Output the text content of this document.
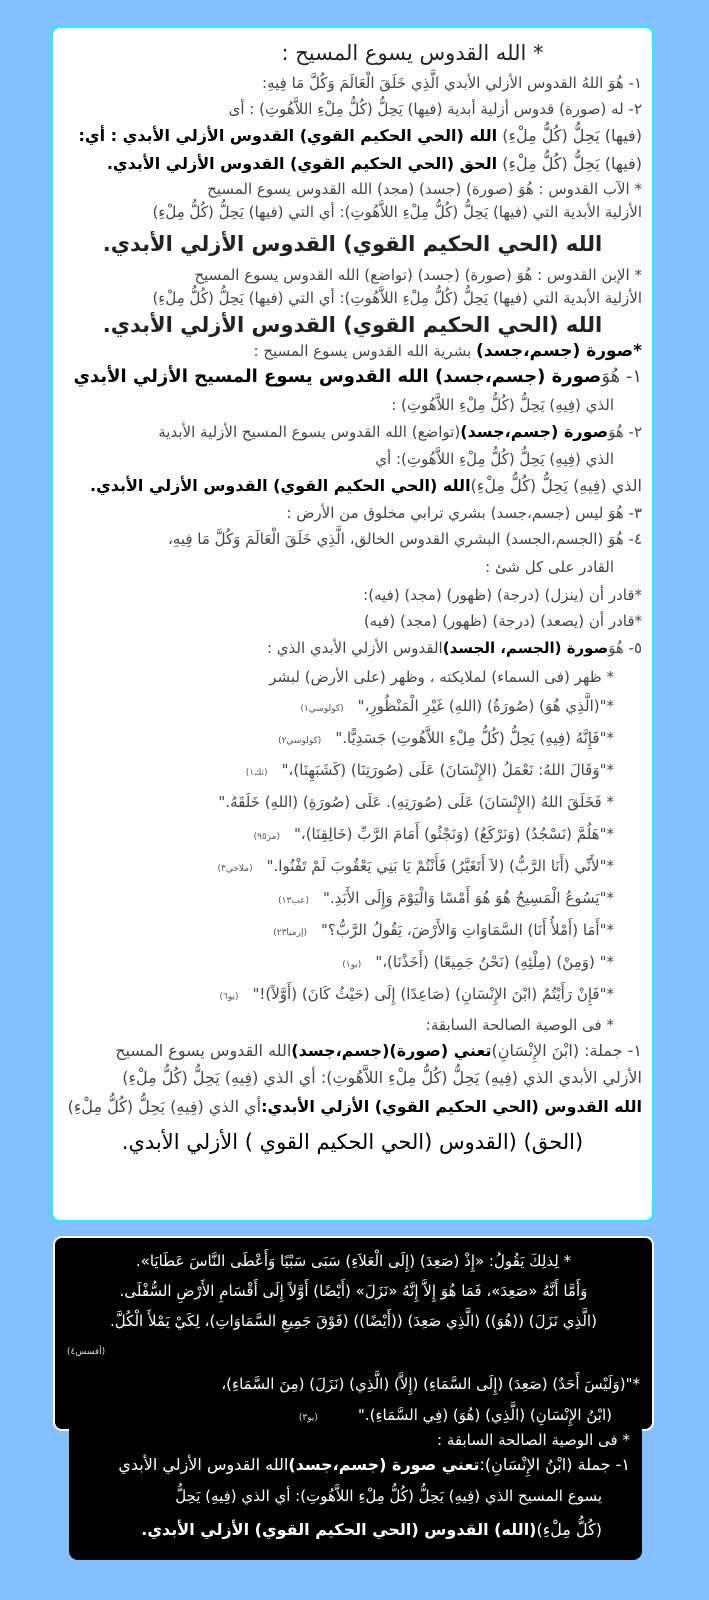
* الله القدوس يسوع المسيح :

١- هُوَ اللهُ القدوس الأزلي الأبدي الَّذِي خَلَقَ الْعَالَمَ وَكُلَّ مَا فِيهِ:

٢- له (صورة) قدوس أزلية أبدية (فيها) يَحِلُّ (كُلُّ مِلْءِ اللاَّهُوتِ) : أى

(فيها) يَحِلُّ (كُلُّ مِلْءِ) الله (الحي الحكيم القوي) القدوس الأزلي الأبدي : أي:

(فيها) يَحِلُّ (كُلُّ مِلْءِ) الحق (الحي الحكيم القوي) القدوس الأزلي الأبدي.

* الآب القدوس : هُوَ (صورة) (جسد) (مجد) الله القدوس يسوع المسيح

الأزلية الأبدية التي (فيها) يَحِلُّ (كُلُّ مِلْءِ اللاَّهُوتِ): أي التي (فيها) يَحِلُّ (كُلُّ مِلْءِ)

الله (الحي الحكيم القوي) القدوس الأزلي الأبدي.

* الإبن القدوس : هُوَ (صورة) (جسد) (تواضع) الله القدوس يسوع المسيح

الأزلية الأبدية التي (فيها) يَحِلُّ (كُلُّ مِلْءِ اللاَّهُوتِ): أي التي (فيها) يَحِلُّ (كُلُّ مِلْءِ)

الله (الحي الحكيم القوي) القدوس الأزلي الأبدي.

*صورة (جسم،جسد) بشرية الله القدوس يسوع المسيح :

١- هُوَصورة (جسم،جسد) الله القدوس يسوع المسيح الأزلي الأبدي

الذي (فِيهِ) يَحِلُّ (كُلُّ مِلْءِ اللاَّهُوتِ) :

٢- هُوَصورة (جسم،جسد)(تواضع) الله القدوس يسوع المسيح الأزلية الأبدية

الذي (فِيهِ) يَحِلُّ (كُلُّ مِلْءِ اللاَّهُوتِ): أي

الذي (فِيهِ) يَحِلُّ (كُلُّ مِلْءِ)الله (الحي الحكيم القوي) القدوس الأزلي الأبدي.

٣- هُوَ ليس (جسم،جسد) بشري ترابي مخلوق من الأرض :

٤- هُوَ (الجسم،الجسد) البشري القدوس الخالق، الَّذِي خَلَقَ الْعَالَمَ وَكُلَّ مَا فِيهِ،

القادر على كل شئ :

*قادر أن (ينزل) (درجة) (ظهور) (مجد) (فيه):

*قادر أن (يصعد) (درجة) (ظهور) (مجد) (فيه)

٥- هُوَصورة (الجسم، الجسد)القدوس الأزلي الأبدي الذي :

* ظهر (فى السماء) لملايكته ، وظهر (على الأرض) لبشر

*"(الَّذِي هُوَ) (صُورَةُ) (اللهِ) غَيْرِ الْمَنْظُورِ،"(كولوسي١)

*"فَإِنَّهُ (فِيهِ) يَحِلُّ (كُلُّ مِلْءِ اللاَّهُوتِ) جَسَدِيًّا."(كولوسي٢)

*"وَقَالَ اللهُ: نَعْمَلُ (الإِنْسَانَ) عَلَى (صُورَتِنَا) (كَشَبَهِنَا)،"(تك١)

* فَخَلَقَ اللهُ (الإِنْسَانَ) عَلَى (صُورَتِهِ). عَلَى (صُورَةِ) (اللهِ) خَلَقَهُ."

*"هَلُمَّ (نَسْجُدُ) (وَنَرْكَعُ) (وَنَجْثُو) أَمَامَ الرَّبِّ (خَالِقِنَا)،"(مز٩٥)

*"لأَنِّي (أَنَا الرَّبُّ) (لاَ أَتَغَيَّرُ) فَأَنْتُمْ يَا بَنِي يَعْقُوبَ لَمْ تَفْنُوا."(ملاخي٣)

*"يَسُوعُ الْمَسِيحُ هُوَ هُوَ أَمْسًا وَالْيَوْمَ وَإِلَى الأَبَدِ."(عب١٣)

*"أَمَا (أَمْلأُ أَنَا) السَّمَاوَاتِ وَالأَرْضَ، يَقُولُ الرَّبُّ؟"(إرميا٢٣)

*" (وَمِنْ) (مِلْئِهِ) (نَحْنُ جَمِيعًا) (أَخَذْنَا)،"(يو١)

*"فَإِنْ رَأَيْتُمُ (ابْنَ الإِنْسَانِ) (صَاعِدًا) إِلَى (حَيْثُ كَانَ) (أَوَّلاً)!"(يو٦)

* فى الوصية الصالحة السابقة:

١- جملة: (ابْنَ الإِنْسَانِ)تعني (صورة)(جسم،جسد)الله القدوس يسوع المسيح

الأزلي الأبدي الذي (فِيهِ) يَحِلُّ (كُلُّ مِلْءِ اللاَّهُوتِ): أي الذي (فِيهِ) يَحِلُّ (كُلُّ مِلْءِ)

الله القدوس (الحي الحكيم القوي) الأزلي الأبدي:أي الذي (فِيهِ) يَحِلُّ (كُلُّ مِلْءِ)

(الحق) (القدوس (الحي الحكيم القوي ) الأزلي الأبدي.

* لِذلِكَ يَقُولُ: «إِذْ (صَعِدَ) (إِلَى الْعَلاَءِ) سَبَى سَبْيًا وَأَعْطَى النَّاسَ عَطَايَا».

وَأَمَّا أَنَّهُ «صَعِدَ»، فَمَا هُوَ إِلاَّ إِنَّهُ «نَزَلَ» (أَيْضًا) أَوَّلاً إِلَى أَقْسَامِ الأَرْضِ السُّفْلَى.

(الَّذِي نَزَلَ) ((هُوَ)) (الَّذِي صَعِدَ) ((أَيْضًا)) (فَوْقَ جَمِيعِ السَّمَاوَاتِ)، لِكَيْ يَمْلأَ الْكُلَّ.

(أفسس٤)

*"(وَلَيْسَ أَحَدٌ) (صَعِدَ) (إِلَى السَّمَاءِ) (إِلاَّ) (الَّذِي) (نَزَلَ) (مِنَ السَّمَاءِ)،

(ابْنُ الإِنْسَانِ) (الَّذِي) (هُوَ) (فِي السَّمَاءِ)."(يو٣)

* فى الوصية الصالحة السابقة :

١- جملة (ابْنُ الإِنْسَانِ):تعني صورة (جسم،جسد)الله القدوس الأزلي الأبدي

يسوع المسيح الذي (فِيهِ) يَحِلُّ (كُلُّ مِلْءِ اللاَّهُوتِ): أي الذي (فِيهِ) يَحِلُّ

(كُلُّ مِلْءِ)(الله) القدوس (الحي الحكيم القوي) الأزلي الأبدي.
